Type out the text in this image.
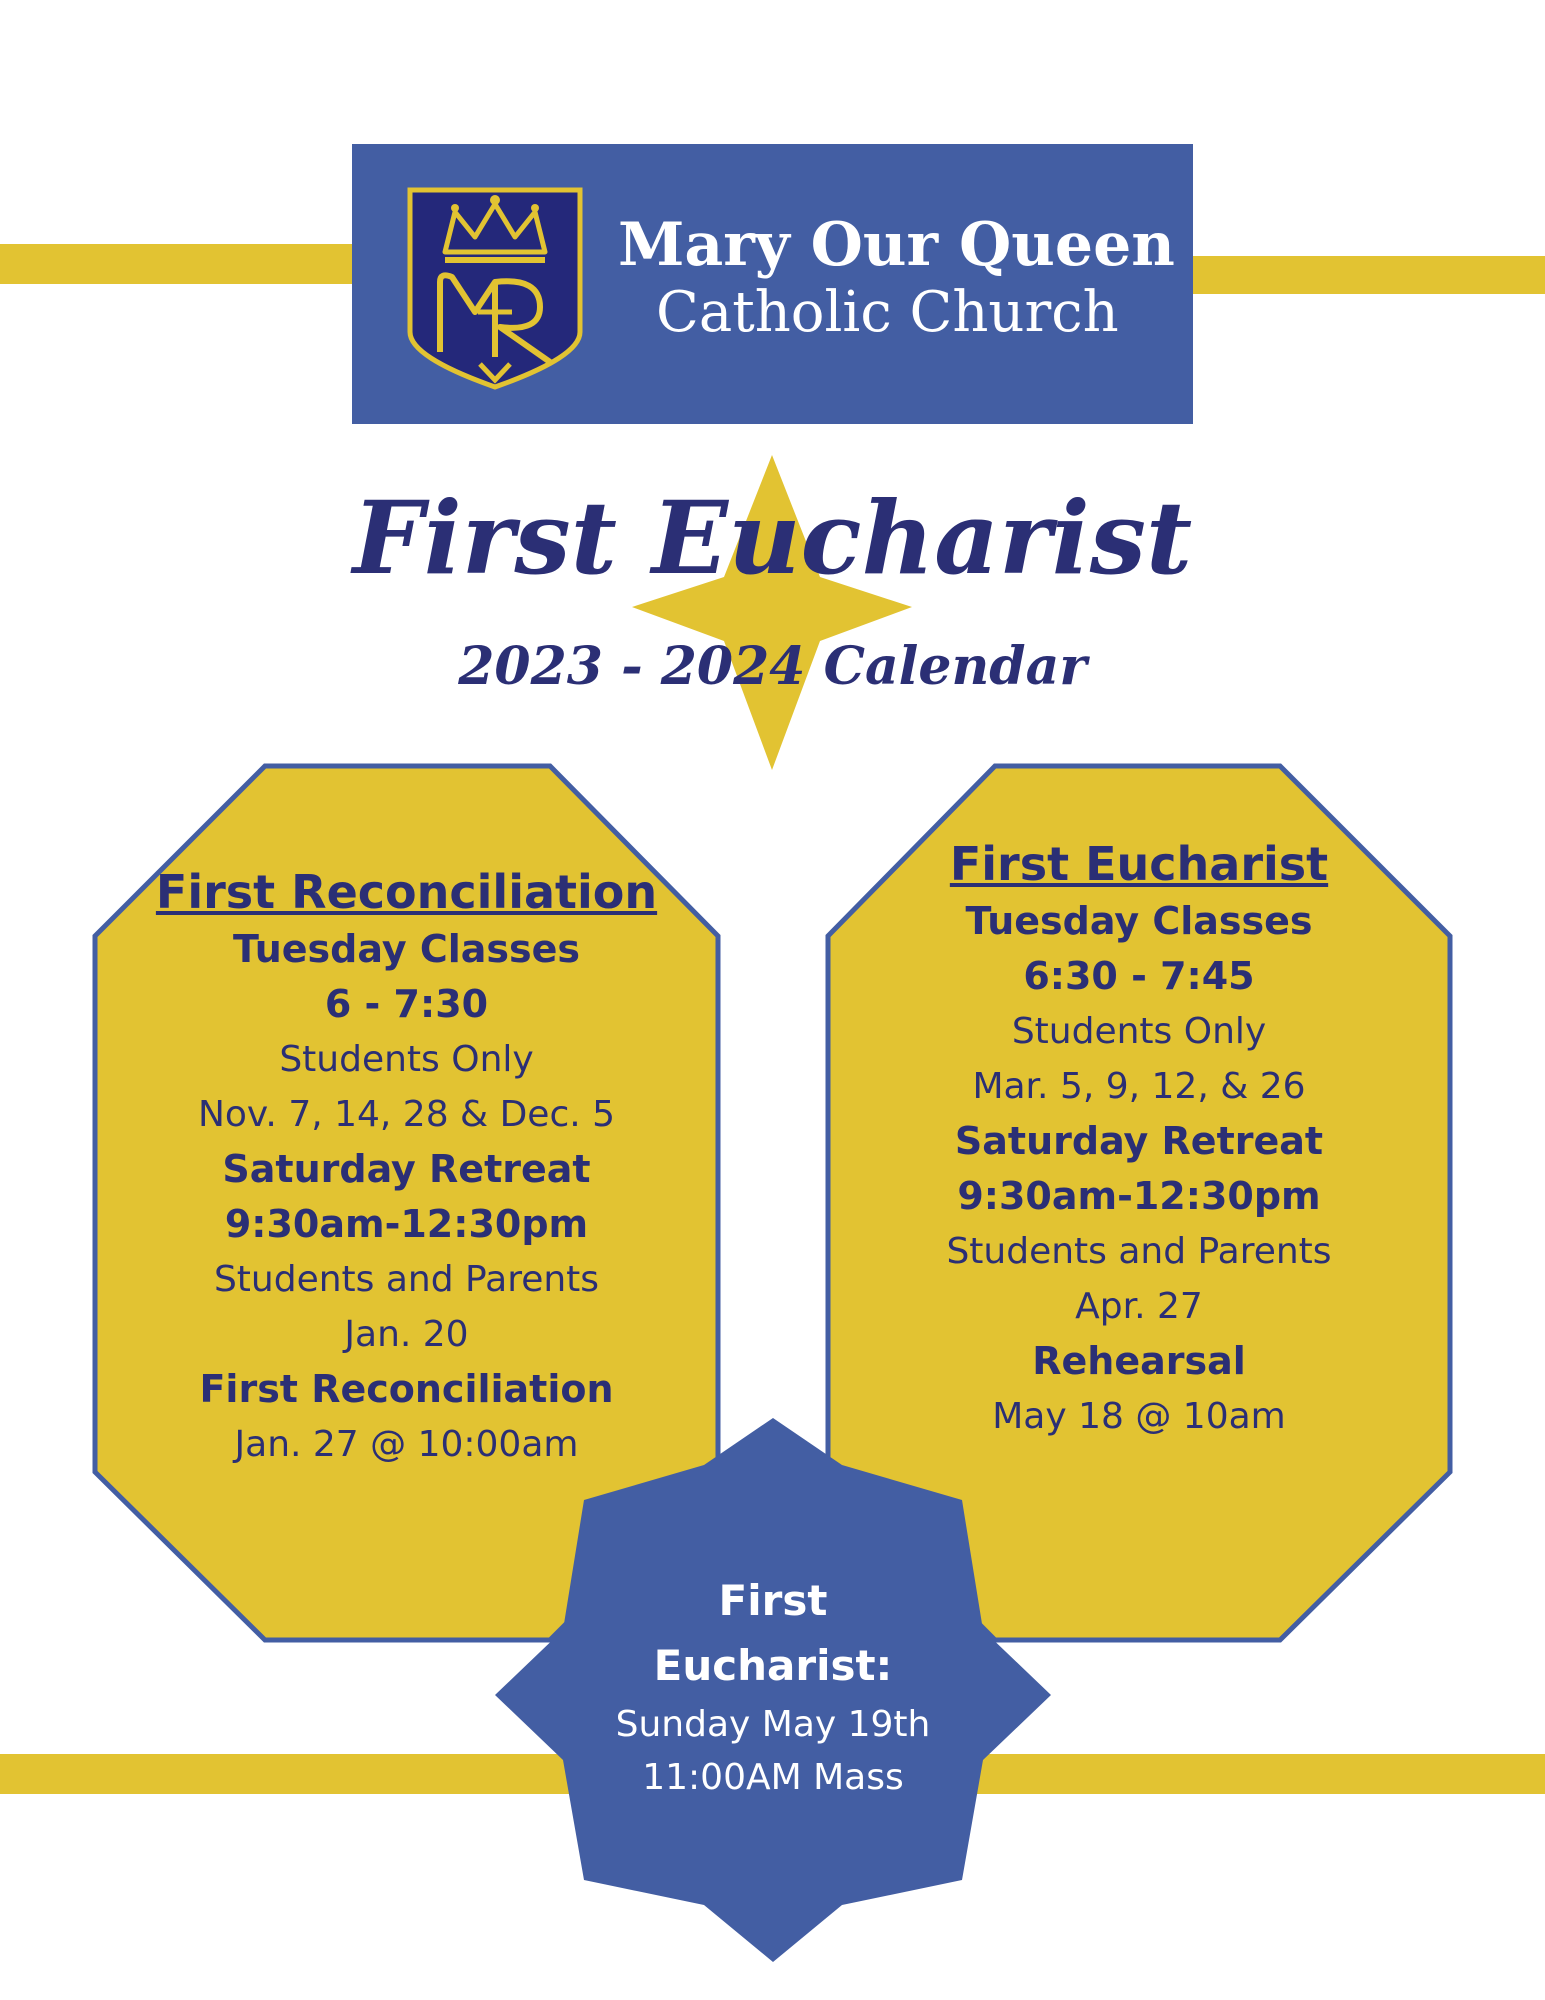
Mary Our Queen
Catholic Church
First Eucharist
2023 - 2024 Calendar
First Reconciliation
Tuesday Classes
6 - 7:30
Students Only
Nov. 7, 14, 28 & Dec. 5
Saturday Retreat
9:30am-12:30pm
Students and Parents
Jan. 20
First Reconciliation
Jan. 27 @ 10:00am
First Eucharist
Tuesday Classes
6:30 - 7:45
Students Only
Mar. 5, 9, 12, & 26
Saturday Retreat
9:30am-12:30pm
Students and Parents
Apr. 27
Rehearsal
May 18 @ 10am
First
Eucharist:
Sunday May 19th
11:00AM Mass
